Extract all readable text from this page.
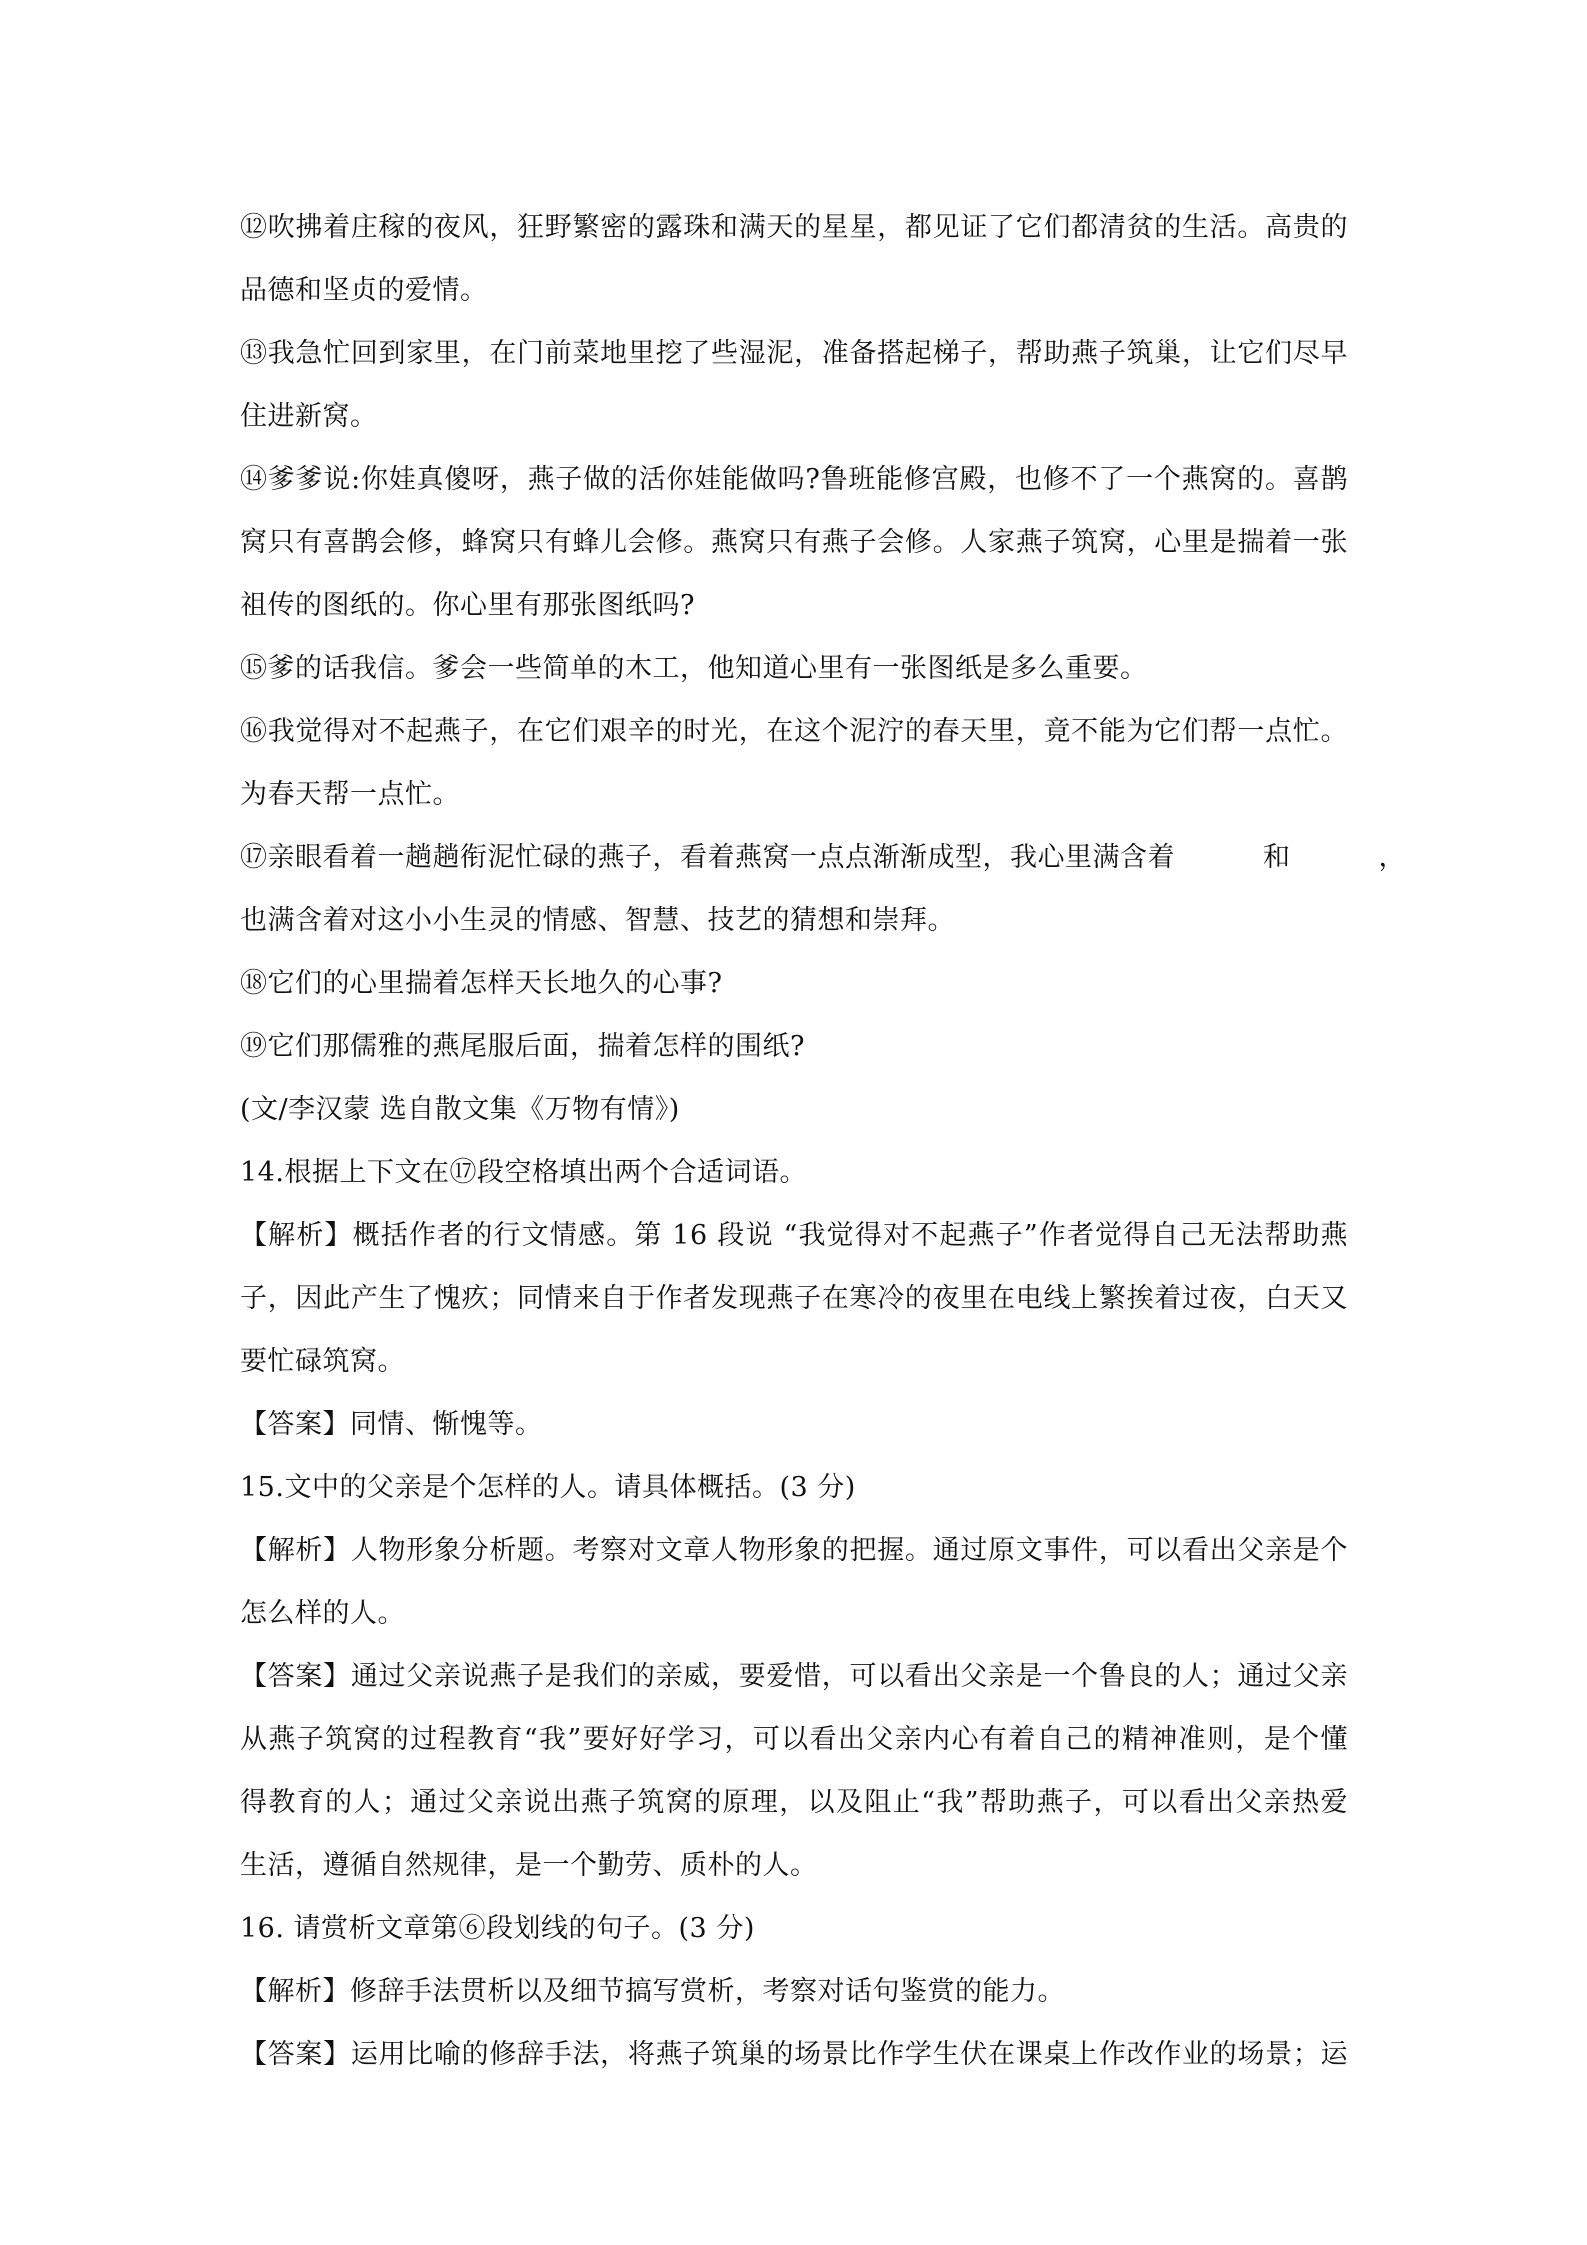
⑫吹拂着庄稼的夜风，狂野繁密的露珠和满天的星星，都见证了它们都清贫的生活。高贵的
品德和坚贞的爱情。
⑬我急忙回到家里，在门前菜地里挖了些湿泥，准备搭起梯子，帮助燕子筑巢，让它们尽早
住进新窝。
⑭爹爹说:你娃真傻呀，燕子做的活你娃能做吗?鲁班能修宫殿，也修不了一个燕窝的。喜鹊
窝只有喜鹊会修，蜂窝只有蜂儿会修。燕窝只有燕子会修。人家燕子筑窝，心里是揣着一张
祖传的图纸的。你心里有那张图纸吗?
⑮爹的话我信。爹会一些简单的木工，他知道心里有一张图纸是多么重要。
⑯我觉得对不起燕子，在它们艰辛的时光，在这个泥泞的春天里，竟不能为它们帮一点忙。
为春天帮一点忙。
⑰亲眼看着一趟趟衔泥忙碌的燕子，看着燕窝一点点渐渐成型，我心里满含着	和	，
也满含着对这小小生灵的情感、智慧、技艺的猜想和崇拜。
⑱它们的心里揣着怎样天长地久的心事?
⑲它们那儒雅的燕尾服后面，揣着怎样的围纸?
(文/李汉蒙 选自散文集《万物有情》)
14.根据上下文在⑰段空格填出两个合适词语。
【解析】概括作者的行文情感。第 16 段说 “我觉得对不起燕子”作者觉得自己无法帮助燕
子，因此产生了愧疚；同情来自于作者发现燕子在寒冷的夜里在电线上繁挨着过夜，白天又
要忙碌筑窝。
【答案】同情、惭愧等。
15.文中的父亲是个怎样的人。请具体概括。(3 分)
【解析】人物形象分析题。考察对文章人物形象的把握。通过原文事件，可以看出父亲是个
怎么样的人。
【答案】通过父亲说燕子是我们的亲威，要爱惜，可以看出父亲是一个鲁良的人；通过父亲
从燕子筑窝的过程教育“我”要好好学习，可以看出父亲内心有着自己的精神准则，是个懂
得教育的人；通过父亲说出燕子筑窝的原理，以及阻止“我”帮助燕子，可以看出父亲热爱
生活，遵循自然规律，是一个勤劳、质朴的人。
16. 请赏析文章第⑥段划线的句子。(3 分)
【解析】修辞手法贯析以及细节搞写赏析，考察对话句鉴赏的能力。
【答案】运用比喻的修辞手法，将燕子筑巢的场景比作学生伏在课桌上作改作业的场景；运
